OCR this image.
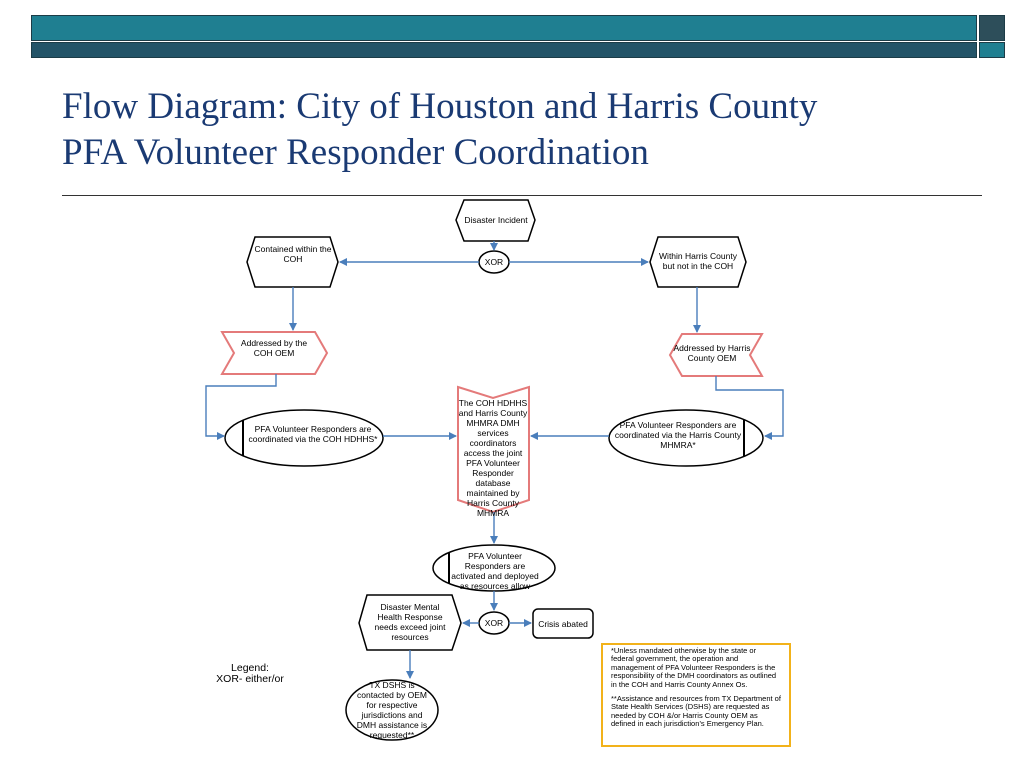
Flow Diagram: City of Houston and Harris County
PFA Volunteer Responder Coordination
Disaster Incident
XOR
Contained within the COH	Within Harris County but not in the COH
Addressed by the COH OEM	Addressed by Harris County OEM
PFA Volunteer Responders are coordinated via the COH HDHHS*
PFA Volunteer Responders are coordinated via the Harris County MHMRA*
The COH HDHHS and Harris County MHMRA DMH services coordinators access the joint PFA Volunteer Responder database maintained by Harris County MHMRA
PFA Volunteer Responders are activated and deployed as resources allow
XOR
Disaster Mental Health Response needs exceed joint resources
Crisis abated
TX DSHS is contacted by OEM for respective jurisdictions and DMH assistance is requested**
Legend:
XOR- either/or

*Unless mandated otherwise by the state or federal government, the operation and management of PFA Volunteer Responders is the responsibility of the DMH coordinators as outlined in the COH and Harris County Annex Os.

**Assistance and resources from TX Department of State Health Services (DSHS) are requested as needed by COH &/or Harris County OEM as defined in each jurisdiction’s Emergency Plan.
